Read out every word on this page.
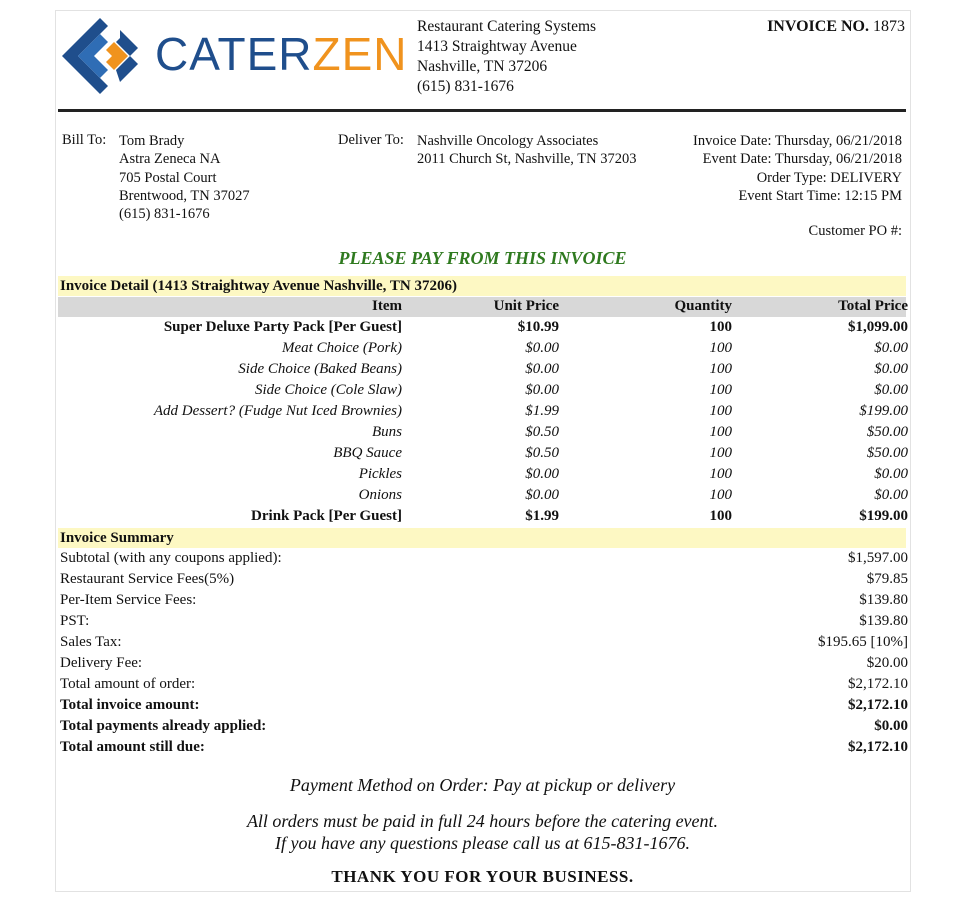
CATERZEN
Restaurant Catering Systems
1413 Straightway Avenue
Nashville, TN 37206
(615) 831-1676
INVOICE NO. 1873
Bill To: Tom Brady
Astra Zeneca NA
705 Postal Court
Brentwood, TN 37027
(615) 831-1676
Deliver To: Nashville Oncology Associates
2011 Church St, Nashville, TN 37203
Invoice Date: Thursday, 06/21/2018
Event Date: Thursday, 06/21/2018
Order Type: DELIVERY
Event Start Time: 12:15 PM
Customer PO #:
PLEASE PAY FROM THIS INVOICE
Invoice Detail (1413 Straightway Avenue Nashville, TN 37206)
Item	Unit Price	Quantity	Total Price
Super Deluxe Party Pack [Per Guest]	$10.99	100	$1,099.00
Meat Choice (Pork)	$0.00	100	$0.00
Side Choice (Baked Beans)	$0.00	100	$0.00
Side Choice (Cole Slaw)	$0.00	100	$0.00
Add Dessert? (Fudge Nut Iced Brownies)	$1.99	100	$199.00
Buns	$0.50	100	$50.00
BBQ Sauce	$0.50	100	$50.00
Pickles	$0.00	100	$0.00
Onions	$0.00	100	$0.00
Drink Pack [Per Guest]	$1.99	100	$199.00
Invoice Summary
Subtotal (with any coupons applied):	$1,597.00
Restaurant Service Fees(5%)	$79.85
Per-Item Service Fees:	$139.80
PST:	$139.80
Sales Tax:	$195.65 [10%]
Delivery Fee:	$20.00
Total amount of order:	$2,172.10
Total invoice amount:	$2,172.10
Total payments already applied:	$0.00
Total amount still due:	$2,172.10
Payment Method on Order: Pay at pickup or delivery
All orders must be paid in full 24 hours before the catering event.
If you have any questions please call us at 615-831-1676.
THANK YOU FOR YOUR BUSINESS.
